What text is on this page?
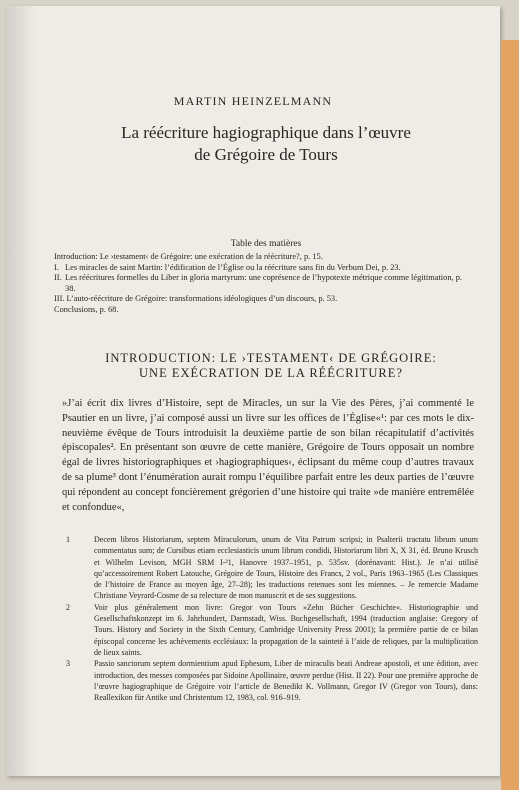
MARTIN HEINZELMANN
La réécriture hagiographique dans l’œuvre
de Grégoire de Tours
Table des matières
Introduction: Le ›testament‹ de Grégoire: une exécration de la réécriture?, p. 15.
I. Les miracles de saint Martin: l’édification de l’Église ou la réécriture sans fin du Verbum Dei, p. 23.
II. Les réécritures formelles du Liber in gloria martyrum: une coprésence de l’hypotexte métrique comme légitimation, p. 38.
III. L’auto-réécriture de Grégoire: transformations idéologiques d’un discours, p. 53.
Conclusions, p. 68.
INTRODUCTION: LE ›TESTAMENT‹ DE GRÉGOIRE:
UNE EXÉCRATION DE LA RÉÉCRITURE?
»J’ai écrit dix livres d’Histoire, sept de Miracles, un sur la Vie des Pères, j’ai commenté le Psautier en un livre, j’ai composé aussi un livre sur les offices de l’Église«¹: par ces mots le dix-neuvième évêque de Tours introduisit la deuxième partie de son bilan récapitulatif d’activités épiscopales². En présentant son œuvre de cette manière, Grégoire de Tours opposait un nombre égal de livres historiographiques et ›hagiographiques‹, éclipsant du même coup d’autres travaux de sa plume³ dont l’énumération aurait rompu l’équilibre parfait entre les deux parties de l’œuvre qui répondent au concept foncièrement grégorien d’une histoire qui traite »de manière entremêlée et confondue«,
1	Decem libros Historiarum, septem Miraculorum, unum de Vita Patrum scripsi; in Psalterii tractatu librum unum commentatus sum; de Cursibus etiam ecclesiasticis unum librum condidi, Historiarum libri X, X 31, éd. Bruno Krusch et Wilhelm Levison, MGH SRM I-²1, Hanovre 1937–1951, p. 535sv. (dorénavant: Hist.). Je n’ai utilisé qu’accessoirement Robert Latouche, Grégoire de Tours, Histoire des Francs, 2 vol., Paris 1963–1965 (Les Classiques de l’histoire de France au moyen âge, 27–28); les traductions retenues sont les miennes. – Je remercie Madame Christiane Veyrard-Cosme de sa relecture de mon manuscrit et de ses suggestions.
2	Voir plus généralement mon livre: Gregor von Tours »Zehn Bücher Geschichte«. Historiographie und Gesellschaftskonzept im 6. Jahrhundert, Darmstadt, Wiss. Buchgesellschaft, 1994 (traduction anglaise: Gregory of Tours. History and Society in the Sixth Century, Cambridge University Press 2001); la première partie de ce bilan épiscopal concerne les achèvements ecclésiaux: la propagation de la sainteté à l’aide de reliques, par la multiplication de lieux saints.
3	Passio sanctorum septem dormientium apud Ephesum, Liber de miraculis beati Andreae apostoli, et une édition, avec introduction, des messes composées par Sidoine Apollinaire, œuvre perdue (Hist. II 22). Pour une première approche de l’œuvre hagiographique de Grégoire voir l’article de Benedikt K. Vollmann, Gregor IV (Gregor von Tours), dans: Reallexikon für Antike und Christentum 12, 1983, col. 916–919.
